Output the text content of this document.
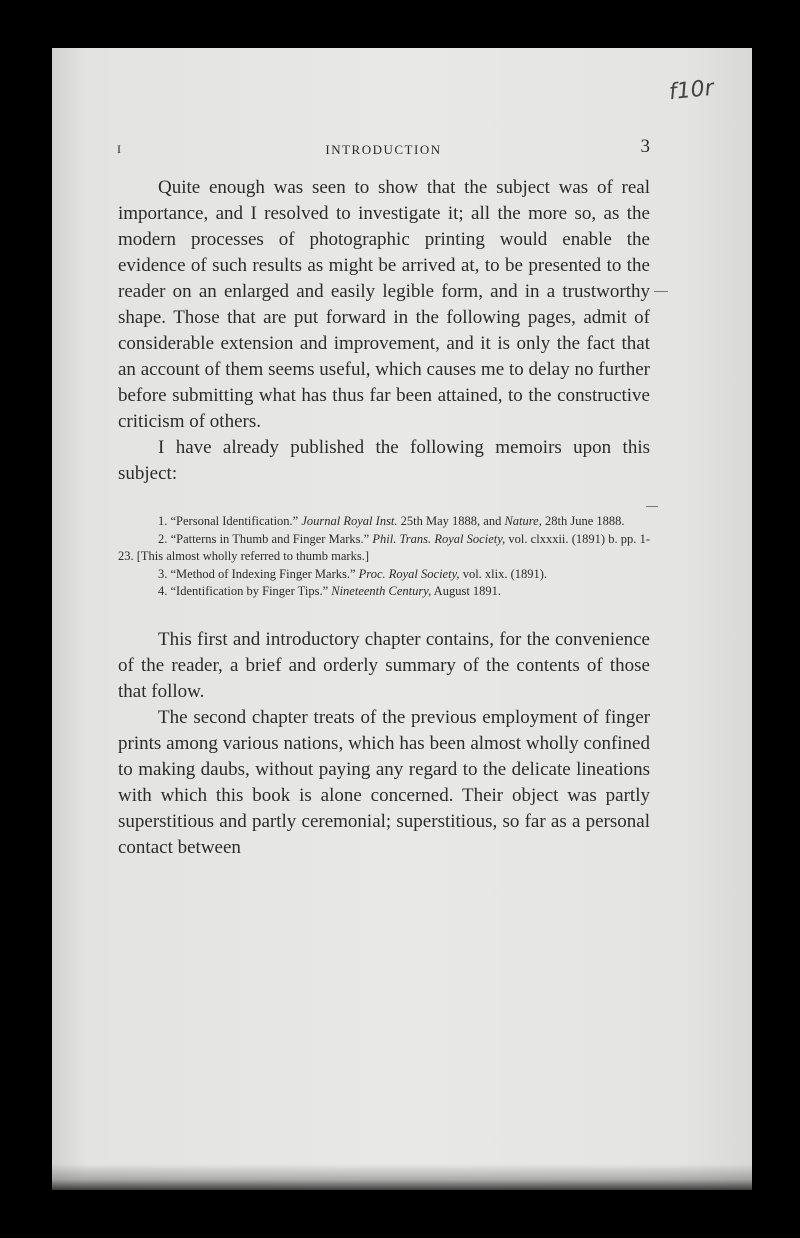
f10r
I	INTRODUCTION	3

Quite enough was seen to show that the subject was of real importance, and I resolved to investigate it; all the more so, as the modern processes of photographic printing would enable the evidence of such results as might be arrived at, to be presented to the reader on an enlarged and easily legible form, and in a trustworthy shape. Those that are put forward in the following pages, admit of considerable extension and improvement, and it is only the fact that an account of them seems useful, which causes me to delay no further before submitting what has thus far been attained, to the constructive criticism of others.

I have already published the following memoirs upon this subject:

1. “Personal Identification.” Journal Royal Inst. 25th May 1888, and Nature, 28th June 1888.
2. “Patterns in Thumb and Finger Marks.” Phil. Trans. Royal Society, vol. clxxxii. (1891) b. pp. 1-23. [This almost wholly referred to thumb marks.]
3. “Method of Indexing Finger Marks.” Proc. Royal Society, vol. xlix. (1891).
4. “Identification by Finger Tips.” Nineteenth Century, August 1891.

This first and introductory chapter contains, for the convenience of the reader, a brief and orderly summary of the contents of those that follow.

The second chapter treats of the previous employment of finger prints among various nations, which has been almost wholly confined to making daubs, without paying any regard to the delicate lineations with which this book is alone concerned. Their object was partly superstitious and partly ceremonial; superstitious, so far as a personal contact between
